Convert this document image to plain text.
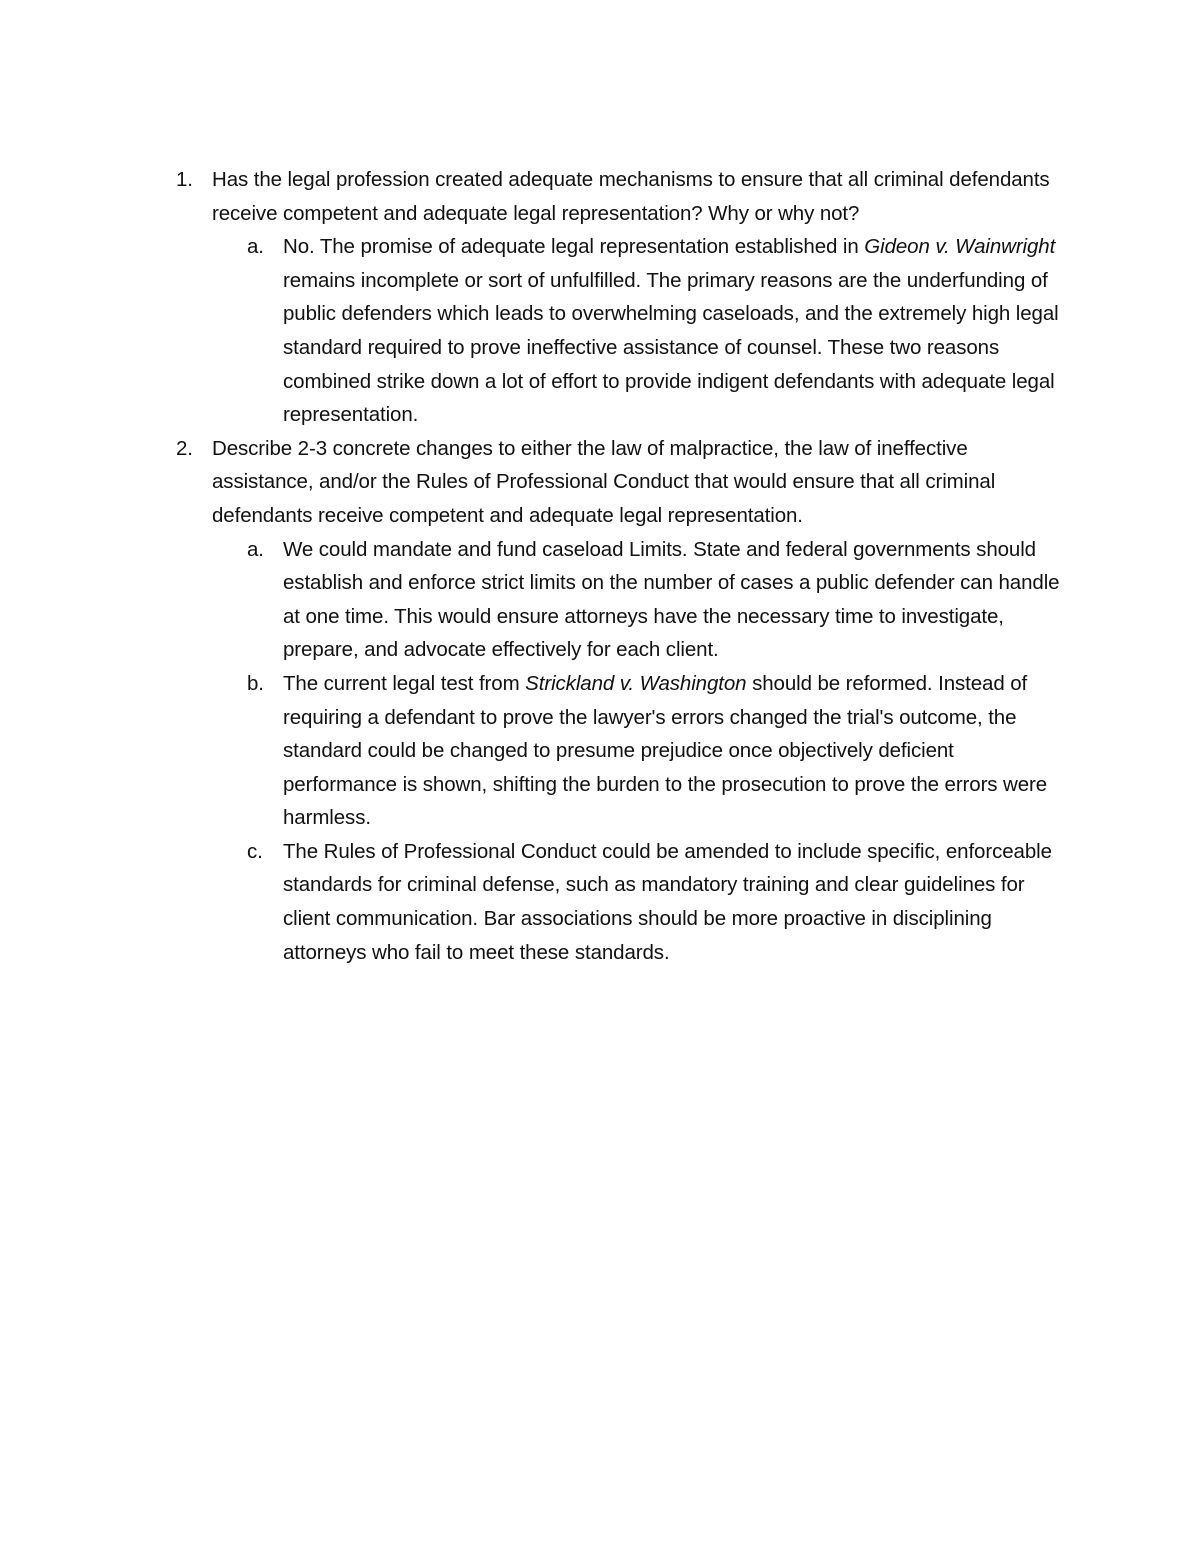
1. Has the legal profession created adequate mechanisms to ensure that all criminal defendants receive competent and adequate legal representation? Why or why not?
a. No. The promise of adequate legal representation established in Gideon v. Wainwright remains incomplete or sort of unfulfilled. The primary reasons are the underfunding of public defenders which leads to overwhelming caseloads, and the extremely high legal standard required to prove ineffective assistance of counsel. These two reasons combined strike down a lot of effort to provide indigent defendants with adequate legal representation.
2. Describe 2-3 concrete changes to either the law of malpractice, the law of ineffective assistance, and/or the Rules of Professional Conduct that would ensure that all criminal defendants receive competent and adequate legal representation.
a. We could mandate and fund caseload Limits. State and federal governments should establish and enforce strict limits on the number of cases a public defender can handle at one time. This would ensure attorneys have the necessary time to investigate, prepare, and advocate effectively for each client.
b. The current legal test from Strickland v. Washington should be reformed. Instead of requiring a defendant to prove the lawyer's errors changed the trial's outcome, the standard could be changed to presume prejudice once objectively deficient performance is shown, shifting the burden to the prosecution to prove the errors were harmless.
c. The Rules of Professional Conduct could be amended to include specific, enforceable standards for criminal defense, such as mandatory training and clear guidelines for client communication. Bar associations should be more proactive in disciplining attorneys who fail to meet these standards.
